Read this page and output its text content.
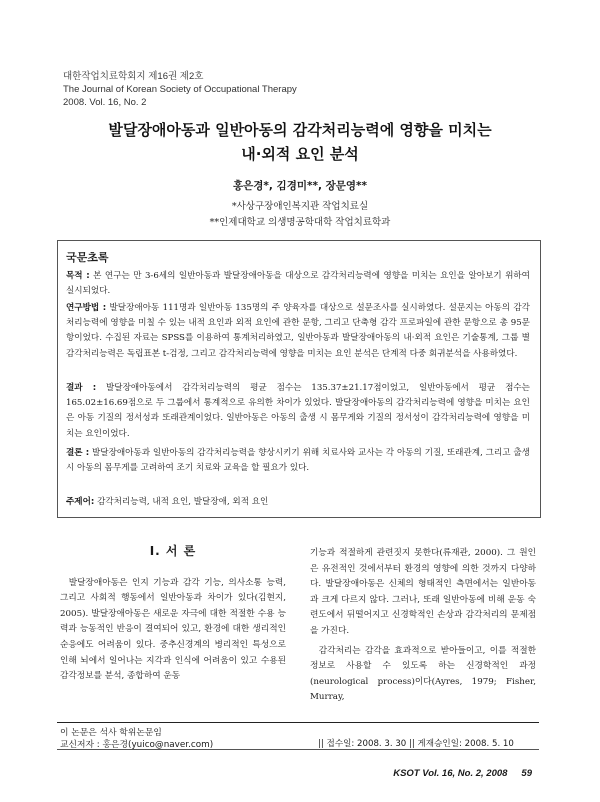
대한작업치료학회지 제16권 제2호
The Journal of Korean Society of Occupational Therapy
2008. Vol. 16, No. 2
발달장애아동과 일반아동의 감각처리능력에 영향을 미치는
내·외적 요인 분석
홍은경*, 김경미**, 장문영**
*사상구장애인복지관 작업치료실
**인제대학교 의생명공학대학 작업치료학과
국문초록
목적 : 본 연구는 만 3-6세의 일반아동과 발달장애아동을 대상으로 감각처리능력에 영향을 미치는 요인을 알아보기 위하여 실시되었다.
연구방법 : 발달장애아동 111명과 일반아동 135명의 주 양육자를 대상으로 설문조사를 실시하였다. 설문지는 아동의 감각처리능력에 영향을 미칠 수 있는 내적 요인과 외적 요인에 관한 문항, 그리고 단축형 감각 프로파일에 관한 문항으로 총 95문항이었다. 수집된 자료는 SPSS를 이용하여 통계처리하였고, 일반아동과 발달장애아동의 내·외적 요인은 기술통계, 그룹 별 감각처리능력은 독립표본 t-검정, 그리고 감각처리능력에 영향을 미치는 요인 분석은 단계적 다중 회귀분석을 사용하였다.
결과 : 발달장애아동에서 감각처리능력의 평균 점수는 135.37±21.17점이었고, 일반아동에서 평균 점수는 165.02±16.69점으로 두 그룹에서 통계적으로 유의한 차이가 있었다. 발달장애아동의 감각처리능력에 영향을 미치는 요인은 아동 기질의 정서성과 또래관계이었다. 일반아동은 아동의 출생 시 몸무게와 기질의 정서성이 감각처리능력에 영향을 미치는 요인이었다.
결론 : 발달장애아동과 일반아동의 감각처리능력을 향상시키기 위해 치료사와 교사는 각 아동의 기질, 또래관계, 그리고 출생 시 아동의 몸무게를 고려하여 조기 치료와 교육을 할 필요가 있다.
주제어: 감각처리능력, 내적 요인, 발달장애, 외적 요인
Ⅰ. 서 론

발달장애아동은 인지 기능과 감각 기능, 의사소통 능력, 그리고 사회적 행동에서 일반아동과 차이가 있다(김현지, 2005). 발달장애아동은 새로운 자극에 대한 적절한 수용 능력과 능동적인 반응이 결여되어 있고, 환경에 대한 생리적인 순응에도 어려움이 있다. 중추신경계의 병리적인 특성으로 인해 뇌에서 일어나는 지각과 인식에 어려움이 있고 수용된 감각정보를 분석, 종합하여 운동

기능과 적절하게 관련짓지 못한다(류재관, 2000). 그 원인은 유전적인 것에서부터 환경의 영향에 의한 것까지 다양하다. 발달장애아동은 신체의 형태적인 측면에서는 일반아동과 크게 다르지 않다. 그러나, 또래 일반아동에 비해 운동 숙련도에서 뒤떨어지고 신경학적인 손상과 감각처리의 문제점을 가진다.

감각처리는 감각을 효과적으로 받아들이고, 이를 적절한 정보로 사용할 수 있도록 하는 신경학적인 과정(neurological process)이다(Ayres, 1979; Fisher, Murray,

이 논문은 석사 학위논문임
교신저자 : 홍은경(yuico@naver.com)	|| 접수일: 2008. 3. 30 || 게재승인일: 2008. 5. 10
KSOT Vol. 16, No. 2, 2008 59
